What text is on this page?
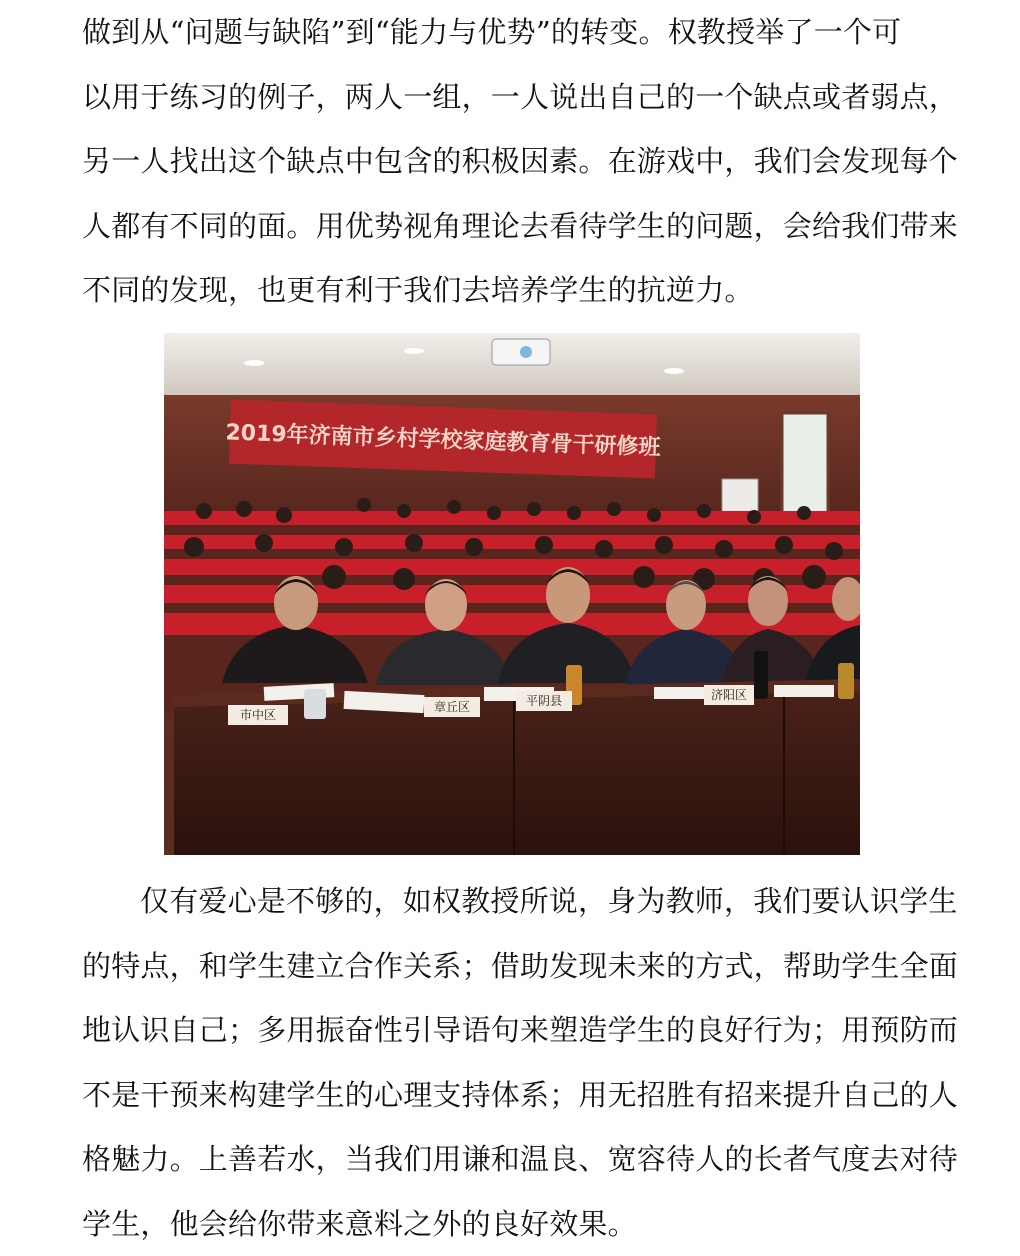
做到从“问题与缺陷”到“能力与优势”的转变。权教授举了一个可
以用于练习的例子，两人一组，一人说出自己的一个缺点或者弱点，
另一人找出这个缺点中包含的积极因素。在游戏中，我们会发现每个
人都有不同的面。用优势视角理论去看待学生的问题，会给我们带来
不同的发现，也更有利于我们去培养学生的抗逆力。
2019年济南市乡村学校家庭教育骨干研修班
市中区
章丘区	平阴县	济阳区
仅有爱心是不够的，如权教授所说，身为教师，我们要认识学生
的特点，和学生建立合作关系；借助发现未来的方式，帮助学生全面
地认识自己；多用振奋性引导语句来塑造学生的良好行为；用预防而
不是干预来构建学生的心理支持体系；用无招胜有招来提升自己的人
格魅力。上善若水，当我们用谦和温良、宽容待人的长者气度去对待
学生，他会给你带来意料之外的良好效果。
